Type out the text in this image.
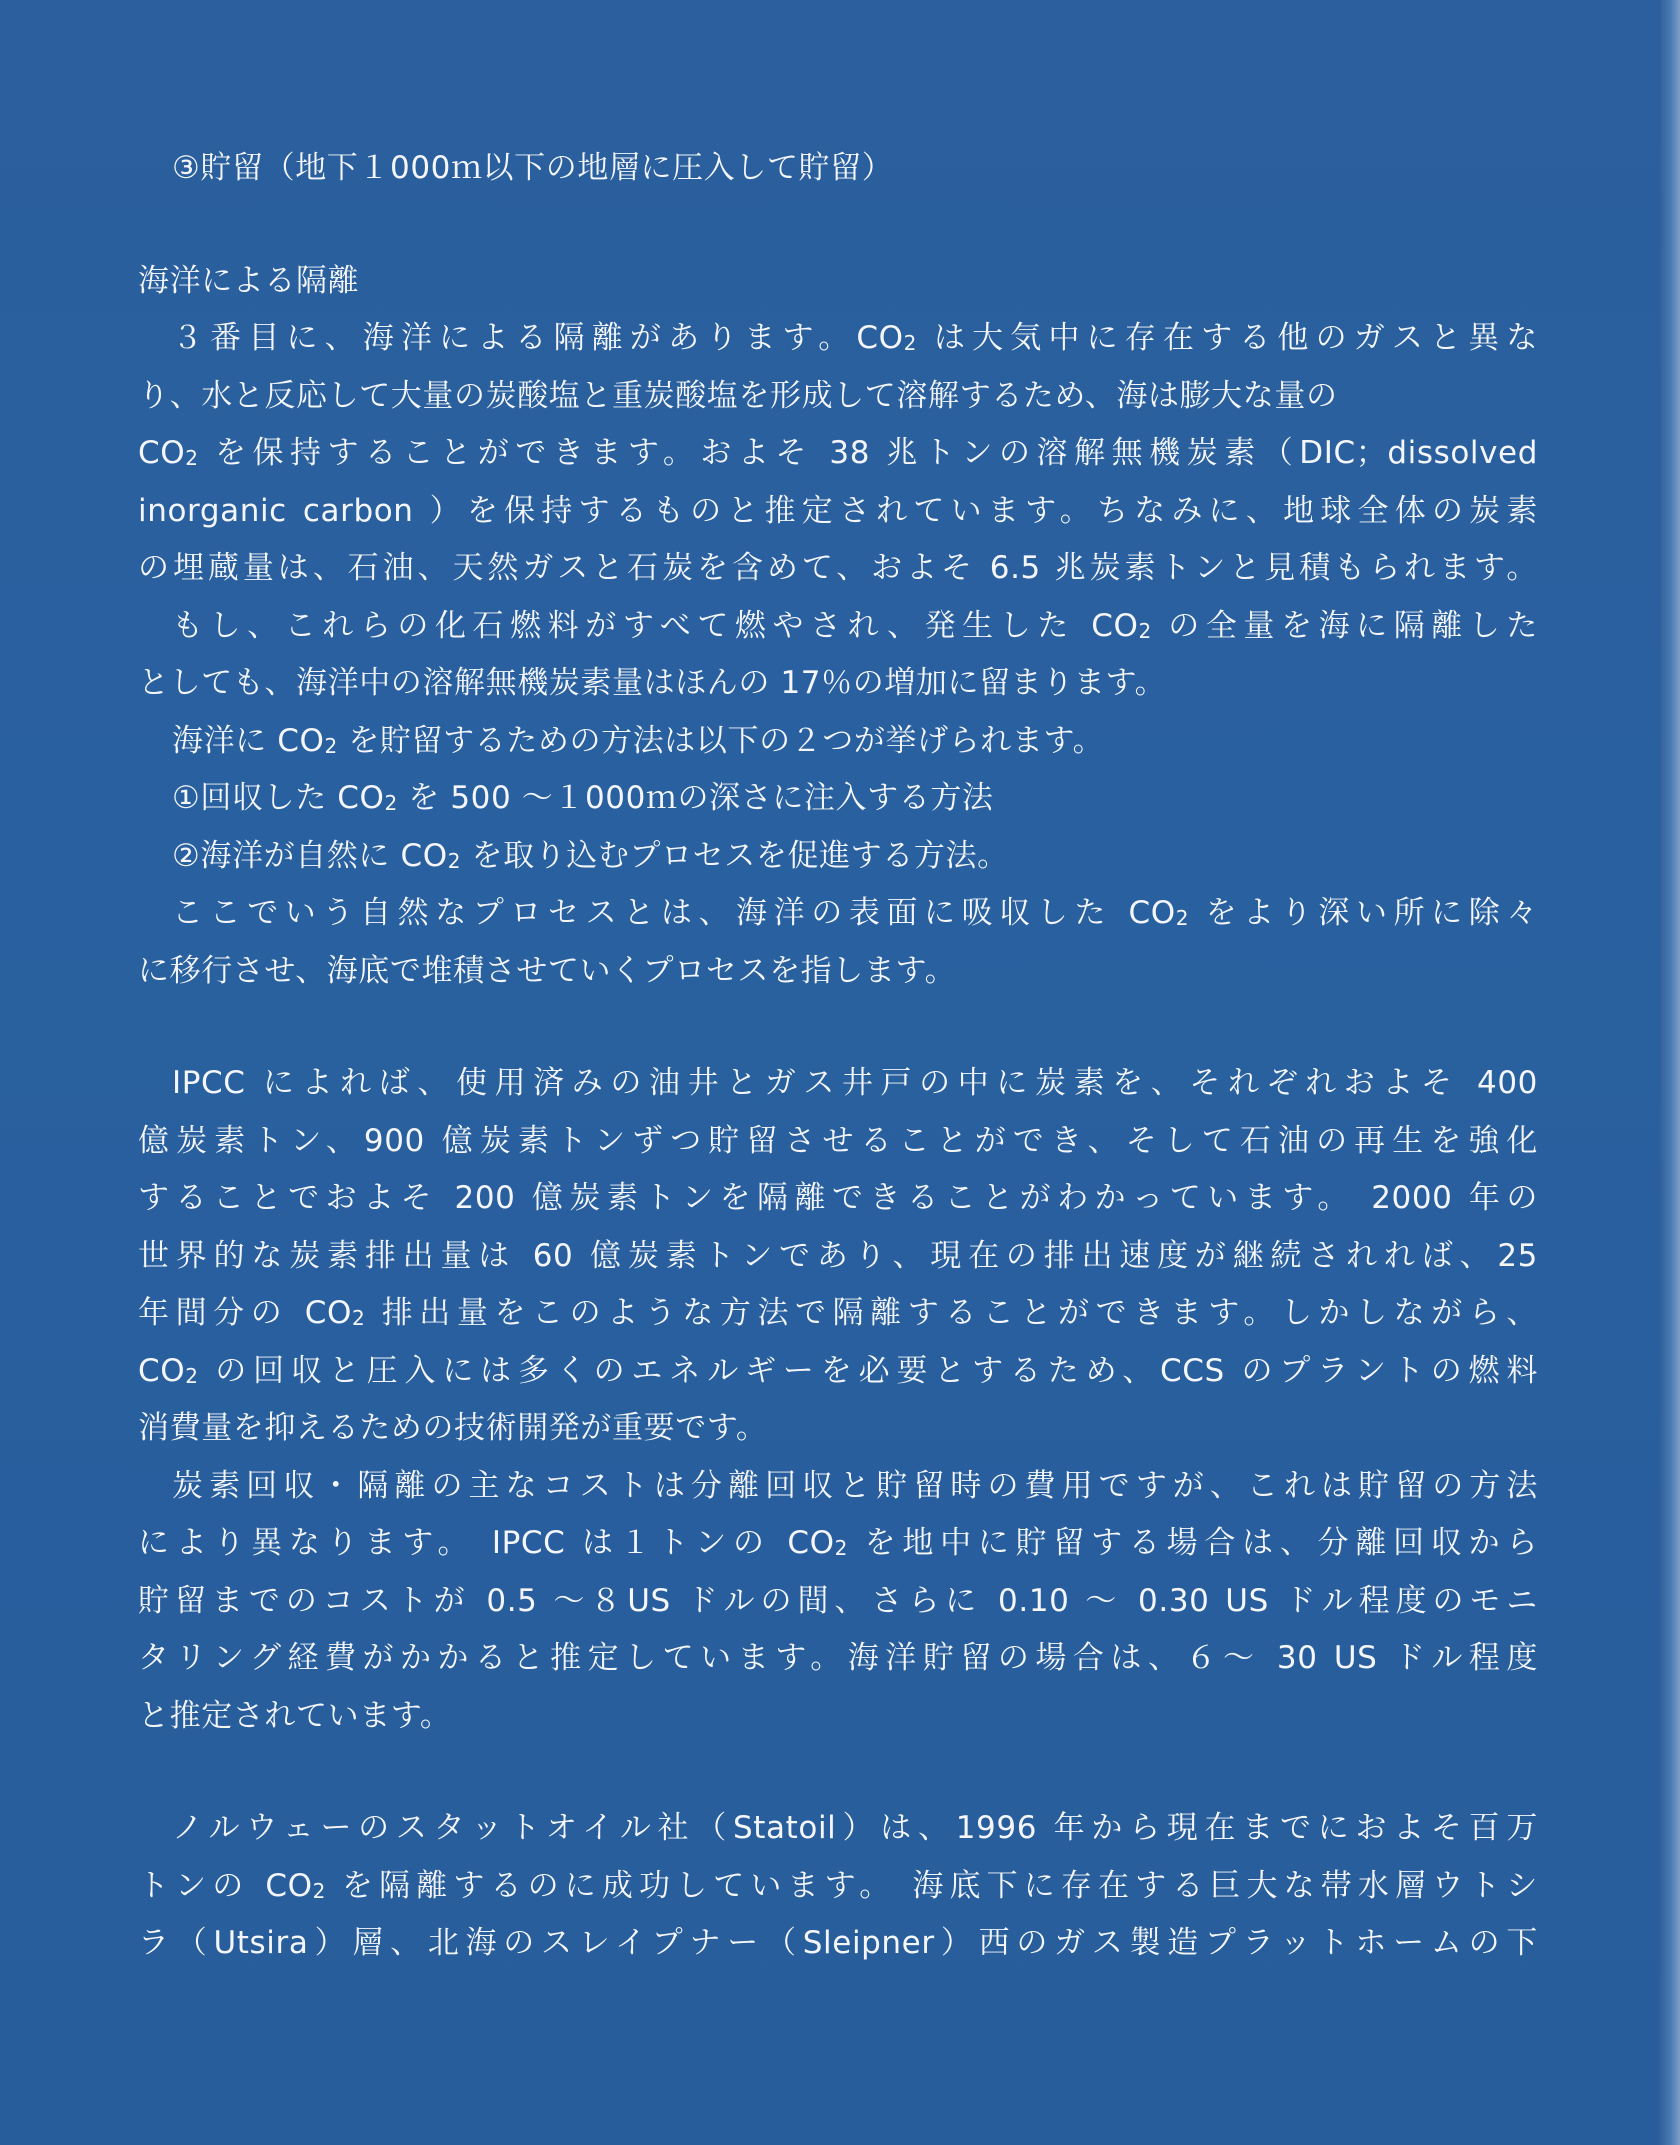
③貯留（地下１000ｍ以下の地層に圧入して貯留）
海洋による隔離
３番目に、海洋による隔離があります。$CO_2$ は大気中に存在する他のガスと異な
り、水と反応して大量の炭酸塩と重炭酸塩を形成して溶解するため、海は膨大な量の
$CO_2$ を保持することができます。およそ 38 兆トンの溶解無機炭素（DIC；dissolved
inorganic carbon ）を保持するものと推定されています。ちなみに、地球全体の炭素
の埋蔵量は、石油、天然ガスと石炭を含めて、およそ 6.5 兆炭素トンと見積もられます。
もし、これらの化石燃料がすべて燃やされ、発生した $CO_2$ の全量を海に隔離した
としても、海洋中の溶解無機炭素量はほんの 17％の増加に留まります。
海洋に $CO_2$ を貯留するための方法は以下の２つが挙げられます。
①回収した $CO_2$ を 500 ～１000ｍの深さに注入する方法
②海洋が自然に $CO_2$ を取り込むプロセスを促進する方法。
ここでいう自然なプロセスとは、海洋の表面に吸収した $CO_2$ をより深い所に除々
に移行させ、海底で堆積させていくプロセスを指します。
IPCC によれば、使用済みの油井とガス井戸の中に炭素を、それぞれおよそ 400
億炭素トン、900 億炭素トンずつ貯留させることができ、そして石油の再生を強化
することでおよそ 200 億炭素トンを隔離できることがわかっています。 2000 年の
世界的な炭素排出量は 60 億炭素トンであり、現在の排出速度が継続されれば、25
年間分の $CO_2$ 排出量をこのような方法で隔離することができます。しかしながら、
$CO_2$ の回収と圧入には多くのエネルギーを必要とするため、CCS のプラントの燃料
消費量を抑えるための技術開発が重要です。
炭素回収・隔離の主なコストは分離回収と貯留時の費用ですが、これは貯留の方法
により異なります。 IPCC は１トンの $CO_2$ を地中に貯留する場合は、分離回収から
貯留までのコストが 0.5 ～８US ドルの間、さらに 0.10 ～ 0.30 US ドル程度のモニ
タリング経費がかかると推定しています。海洋貯留の場合は、６～ 30 US ドル程度
と推定されています。
ノルウェーのスタットオイル社（Statoil）は、1996 年から現在までにおよそ百万
トンの $CO_2$ を隔離するのに成功しています。 海底下に存在する巨大な帯水層ウトシ
ラ（Utsira）層、北海のスレイプナー（Sleipner）西のガス製造プラットホームの下
